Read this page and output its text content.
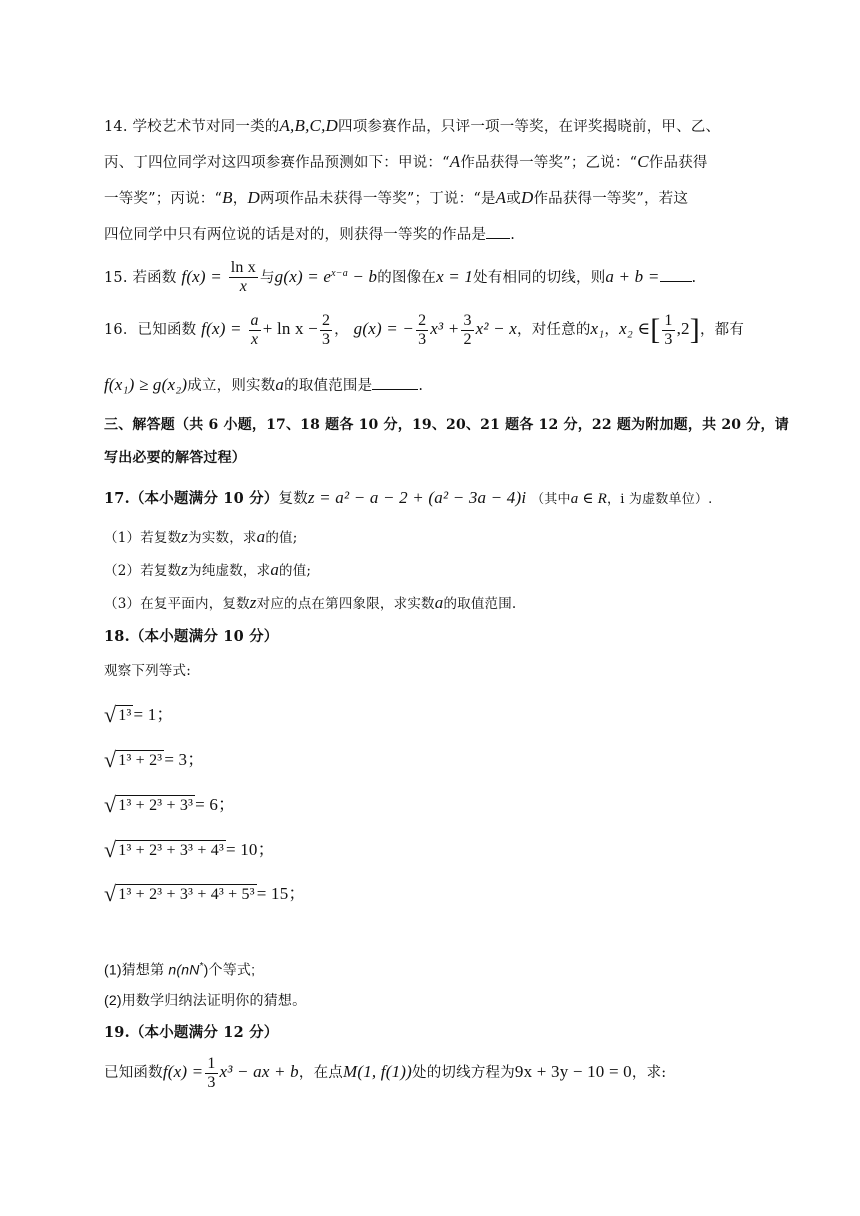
14. 学校艺术节对同一类的A,B,C,D四项参赛作品，只评一项一等奖，在评奖揭晓前，甲、乙、
丙、丁四位同学对这四项参赛作品预测如下：甲说：“A作品获得一等奖”；乙说：“C作品获得
一等奖”；丙说：“B，D两项作品未获得一等奖”；丁说：“是A或D作品获得一等奖”，若这
四位同学中只有两位说的话是对的，则获得一等奖的作品是 .
15. 若函数 $f(x) = \frac{\text{ln x}}{x}$ 与$g(x) = e^{x-a} - b$的图像在x = 1处有相同的切线，则a + b = .
16．已知函数 $f(x) = \frac{a}{x} + \ln x - \frac{2}{3}$ ， g(x) = − $\frac{2}{3} x^3 + \frac{3}{2} x^2 - x$，对任意的x₁，x₂ ∈[ $\frac{1}{3} ,2$]，都有
f(x₁) ≥ g(x₂)成立，则实数a的取值范围是	.
三、解答题（共 6 小题，17、18 题各 10 分，19、20、21 题各 12 分，22 题为附加题，共 20 分，请
写出必要的解答过程）
17.（本小题满分 10 分）复数z = a² − a − 2 + (a² − 3a − 4)i （其中a ∈ R，i 为虚数单位）.
（1）若复数z为实数，求a的值;
（2）若复数z为纯虚数，求a的值;
（3）在复平面内，复数z对应的点在第四象限，求实数a的取值范围.
18.（本小题满分 10 分）
观察下列等式:
√ 1³ = 1；
√ 1³ + 2³ = 3；
√ 1³ + 2³ + 3³ = 6；
√ 1³ + 2³ + 3³ + 4³ = 10；
√ 1³ + 2³ + 3³ + 4³ + 5³ = 15；
(1)猜想第 n(nN*)个等式;
(2)用数学归纳法证明你的猜想。
19.（本小题满分 12 分）
已知函数$f(x) = \frac{1}{3} x^3$ − ax + b，在点M(1, f(1))处的切线方程为9x + 3y − 10 = 0，求:
